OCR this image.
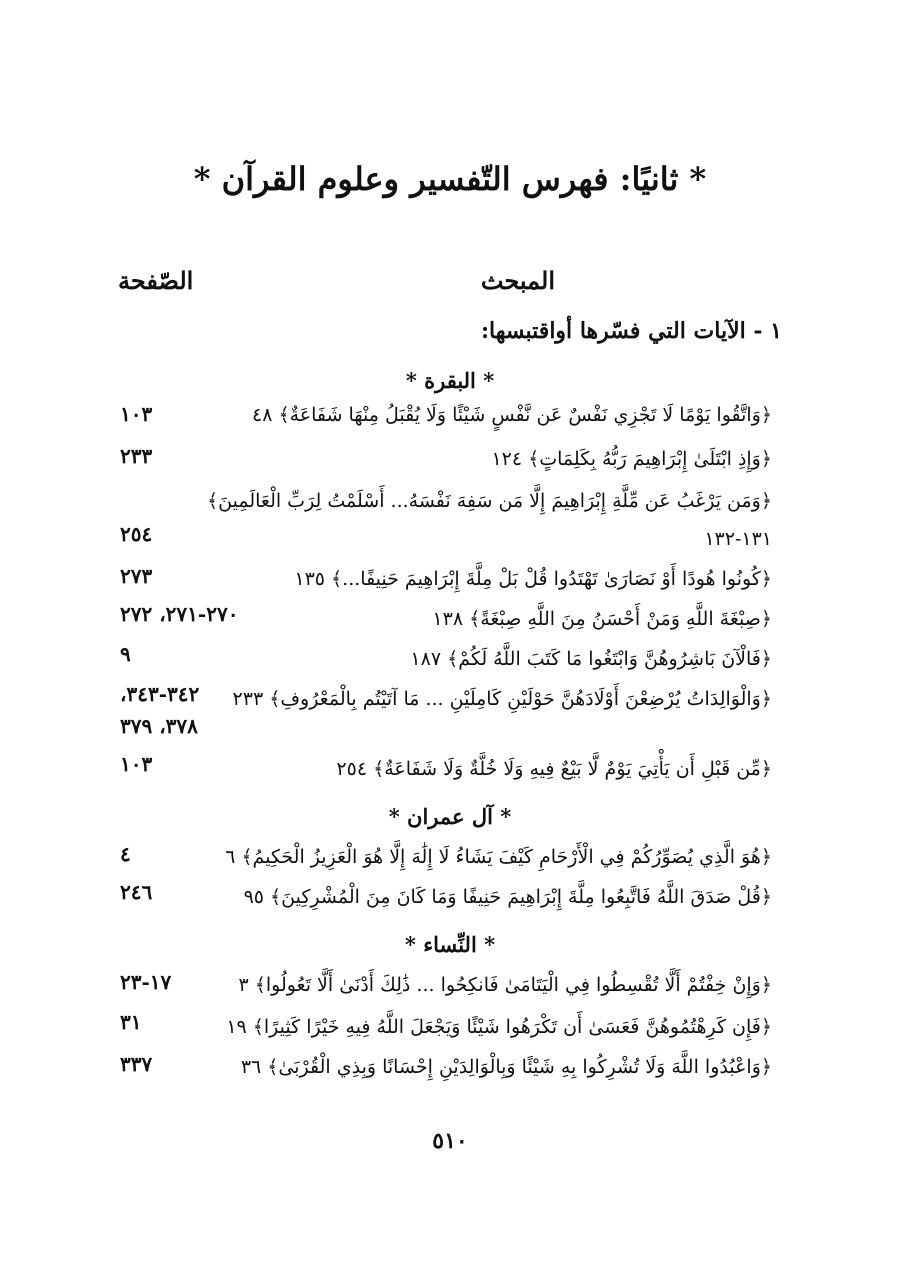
* ثانيًا: فهرس التّفسير وعلوم القرآن *
المبحث
الصّفحة
١ - الآيات التي فسّرها أواقتبسها:
* البقرة *
﴿وَاتَّقُوا يَوْمًا لَا تَجْزِي نَفْسٌ عَن نَّفْسٍ شَيْئًا وَلَا يُقْبَلُ مِنْهَا شَفَاعَةٌ﴾ ٤٨
١٠٣
﴿وَإِذِ ابْتَلَىٰ إِبْرَاهِيمَ رَبُّهُ بِكَلِمَاتٍ﴾ ١٢٤
٢٣٣
﴿وَمَن يَرْغَبُ عَن مِّلَّةِ إِبْرَاهِيمَ إِلَّا مَن سَفِهَ نَفْسَهُ... أَسْلَمْتُ لِرَبِّ الْعَالَمِينَ﴾
١٣١-١٣٢
٢٥٤
﴿كُونُوا هُودًا أَوْ نَصَارَىٰ تَهْتَدُوا قُلْ بَلْ مِلَّةَ إِبْرَاهِيمَ حَنِيفًا...﴾ ١٣٥
٢٧٣
﴿صِبْغَةَ اللَّهِ وَمَنْ أَحْسَنُ مِنَ اللَّهِ صِبْغَةً﴾ ١٣٨
٢٧٠-٢٧١، ٢٧٢
﴿فَالْآنَ بَاشِرُوهُنَّ وَابْتَغُوا مَا كَتَبَ اللَّهُ لَكُمْ﴾ ١٨٧
٩
﴿وَالْوَالِدَاتُ يُرْضِعْنَ أَوْلَادَهُنَّ حَوْلَيْنِ كَامِلَيْنِ ... مَا آتَيْتُم بِالْمَعْرُوفِ﴾ ٢٣٣
٣٤٢-٣٤٣، ٣٧٨، ٣٧٩
﴿مِّن قَبْلِ أَن يَأْتِيَ يَوْمٌ لَّا بَيْعٌ فِيهِ وَلَا خُلَّةٌ وَلَا شَفَاعَةٌ﴾ ٢٥٤
١٠٣
* آل عمران *
﴿هُوَ الَّذِي يُصَوِّرُكُمْ فِي الْأَرْحَامِ كَيْفَ يَشَاءُ لَا إِلَٰهَ إِلَّا هُوَ الْعَزِيزُ الْحَكِيمُ﴾ ٦
٤
﴿قُلْ صَدَقَ اللَّهُ فَاتَّبِعُوا مِلَّةَ إِبْرَاهِيمَ حَنِيفًا وَمَا كَانَ مِنَ الْمُشْرِكِينَ﴾ ٩٥
٢٤٦
* النِّساء *
﴿وَإِنْ خِفْتُمْ أَلَّا تُقْسِطُوا فِي الْيَتَامَىٰ فَانكِحُوا ... ذَٰلِكَ أَدْنَىٰ أَلَّا تَعُولُوا﴾ ٣
١٧-٢٣
﴿فَإِن كَرِهْتُمُوهُنَّ فَعَسَىٰ أَن تَكْرَهُوا شَيْئًا وَيَجْعَلَ اللَّهُ فِيهِ خَيْرًا كَثِيرًا﴾ ١٩
٣١
﴿وَاعْبُدُوا اللَّهَ وَلَا تُشْرِكُوا بِهِ شَيْئًا وَبِالْوَالِدَيْنِ إِحْسَانًا وَبِذِي الْقُرْبَىٰ﴾ ٣٦
٣٣٧
٥١٠
